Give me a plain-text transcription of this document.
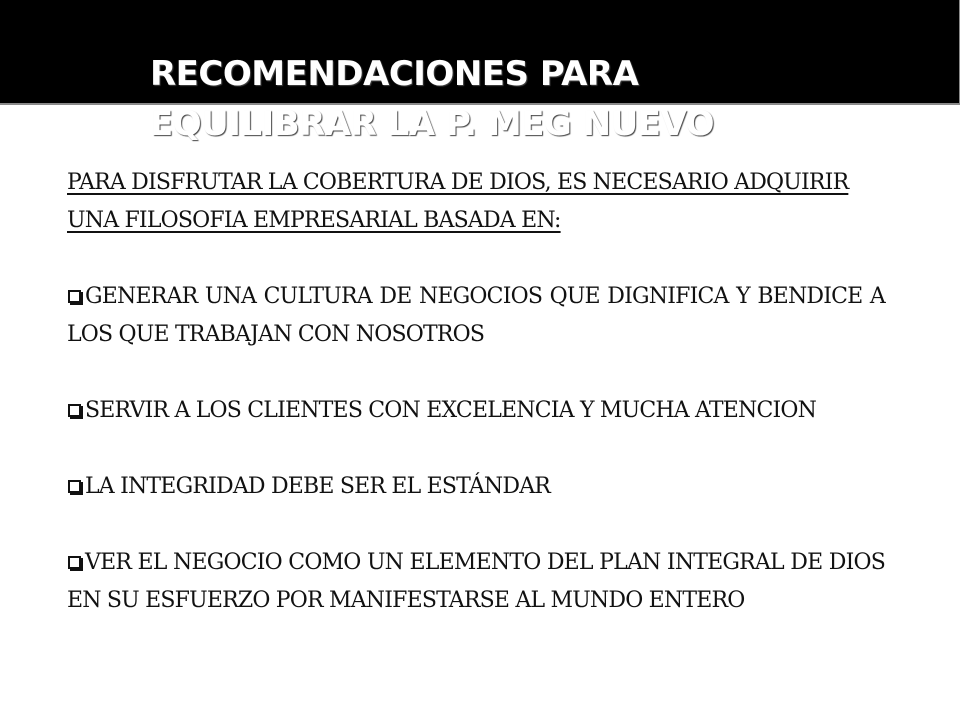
RECOMENDACIONES PARA EQUILIBRAR LA P. MEG NUEVO

PARA DISFRUTAR LA COBERTURA DE DIOS, ES NECESARIO ADQUIRIR UNA FILOSOFIA EMPRESARIAL BASADA EN:

GENERAR UNA CULTURA DE NEGOCIOS QUE DIGNIFICA Y BENDICE A LOS QUE TRABAJAN CON NOSOTROS

SERVIR A LOS CLIENTES CON EXCELENCIA Y MUCHA ATENCION

LA INTEGRIDAD DEBE SER EL ESTÁNDAR

VER EL NEGOCIO COMO UN ELEMENTO DEL PLAN INTEGRAL DE DIOS EN SU ESFUERZO POR MANIFESTARSE AL MUNDO ENTERO
